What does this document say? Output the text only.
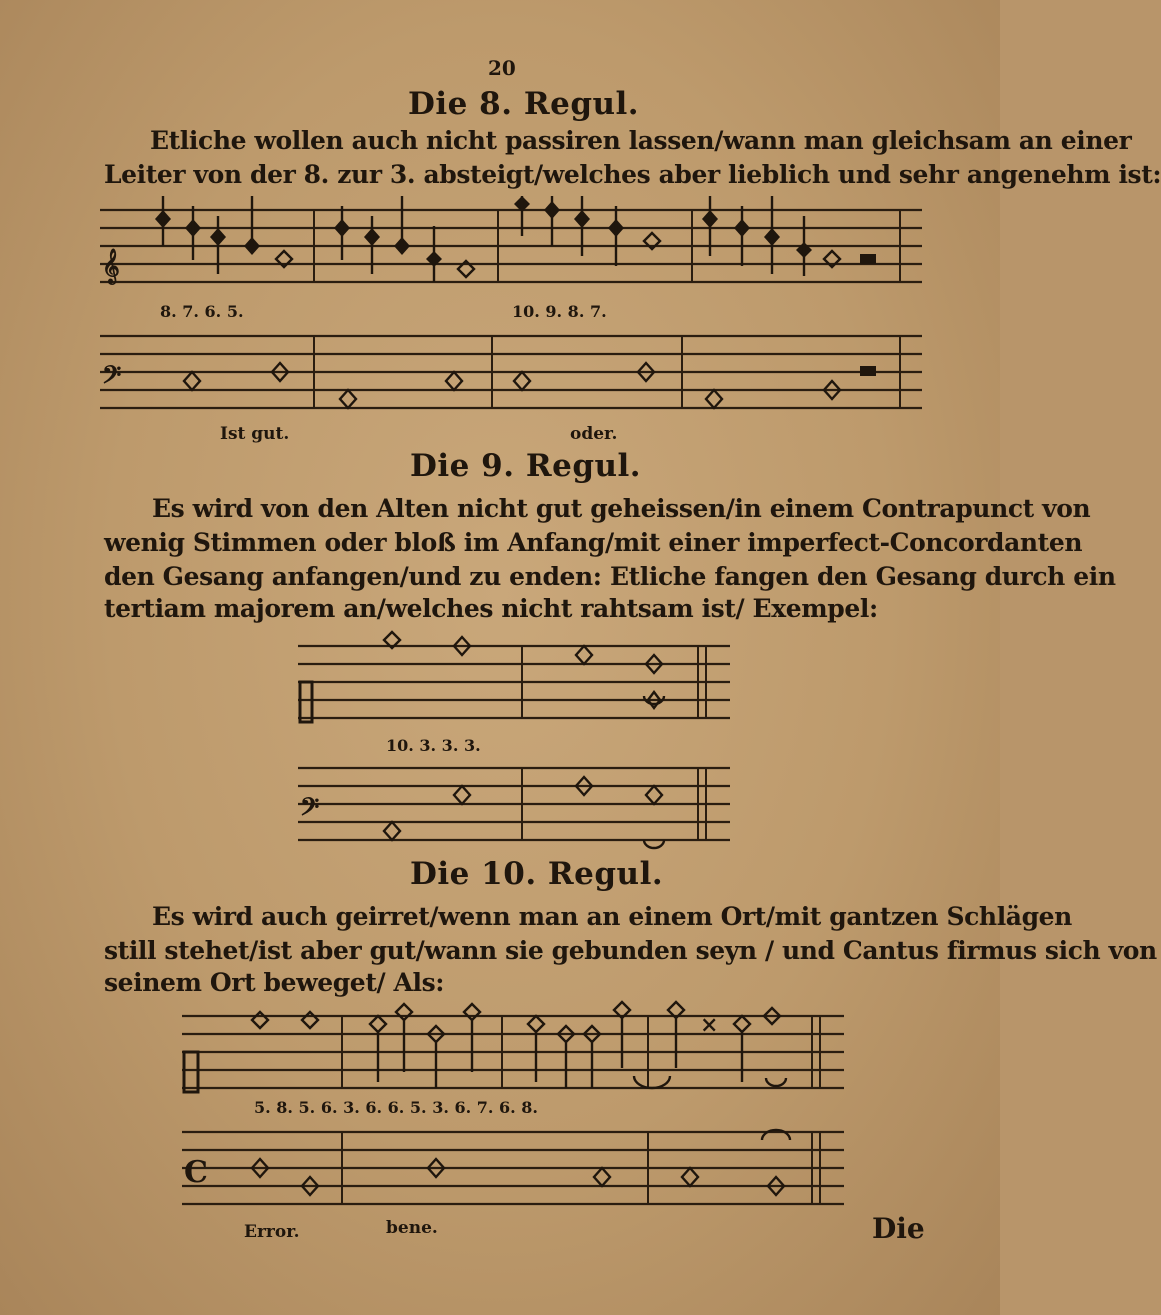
20
Die 8. Regul.
Etliche wollen auch nicht passiren lassen/wann man gleichsam an einer
Leiter von der 8. zur 3. absteigt/welches aber lieblich und sehr angenehm ist:
𝄞
8. 7. 6. 5.	10. 9. 8. 7.
𝄢
Ist gut.	oder.
Die 9. Regul.
Es wird von den Alten nicht gut geheissen/in einem Contrapunct von
wenig Stimmen oder bloß im Anfang/mit einer imperfect-Concordanten
den Gesang anfangen/und zu enden: Etliche fangen den Gesang durch ein
tertiam majorem an/welches nicht rahtsam ist/ Exempel:
10. 3. 3. 3.
𝄢
Die 10. Regul.
Es wird auch geirret/wenn man an einem Ort/mit gantzen Schlägen
still stehet/ist aber gut/wann sie gebunden seyn / und Cantus firmus sich von
seinem Ort beweget/ Als:
×
5. 8. 5. 6. 3. 6. 6. 5. 3. 6. 7. 6. 8.
C
Error.	bene.	Die
